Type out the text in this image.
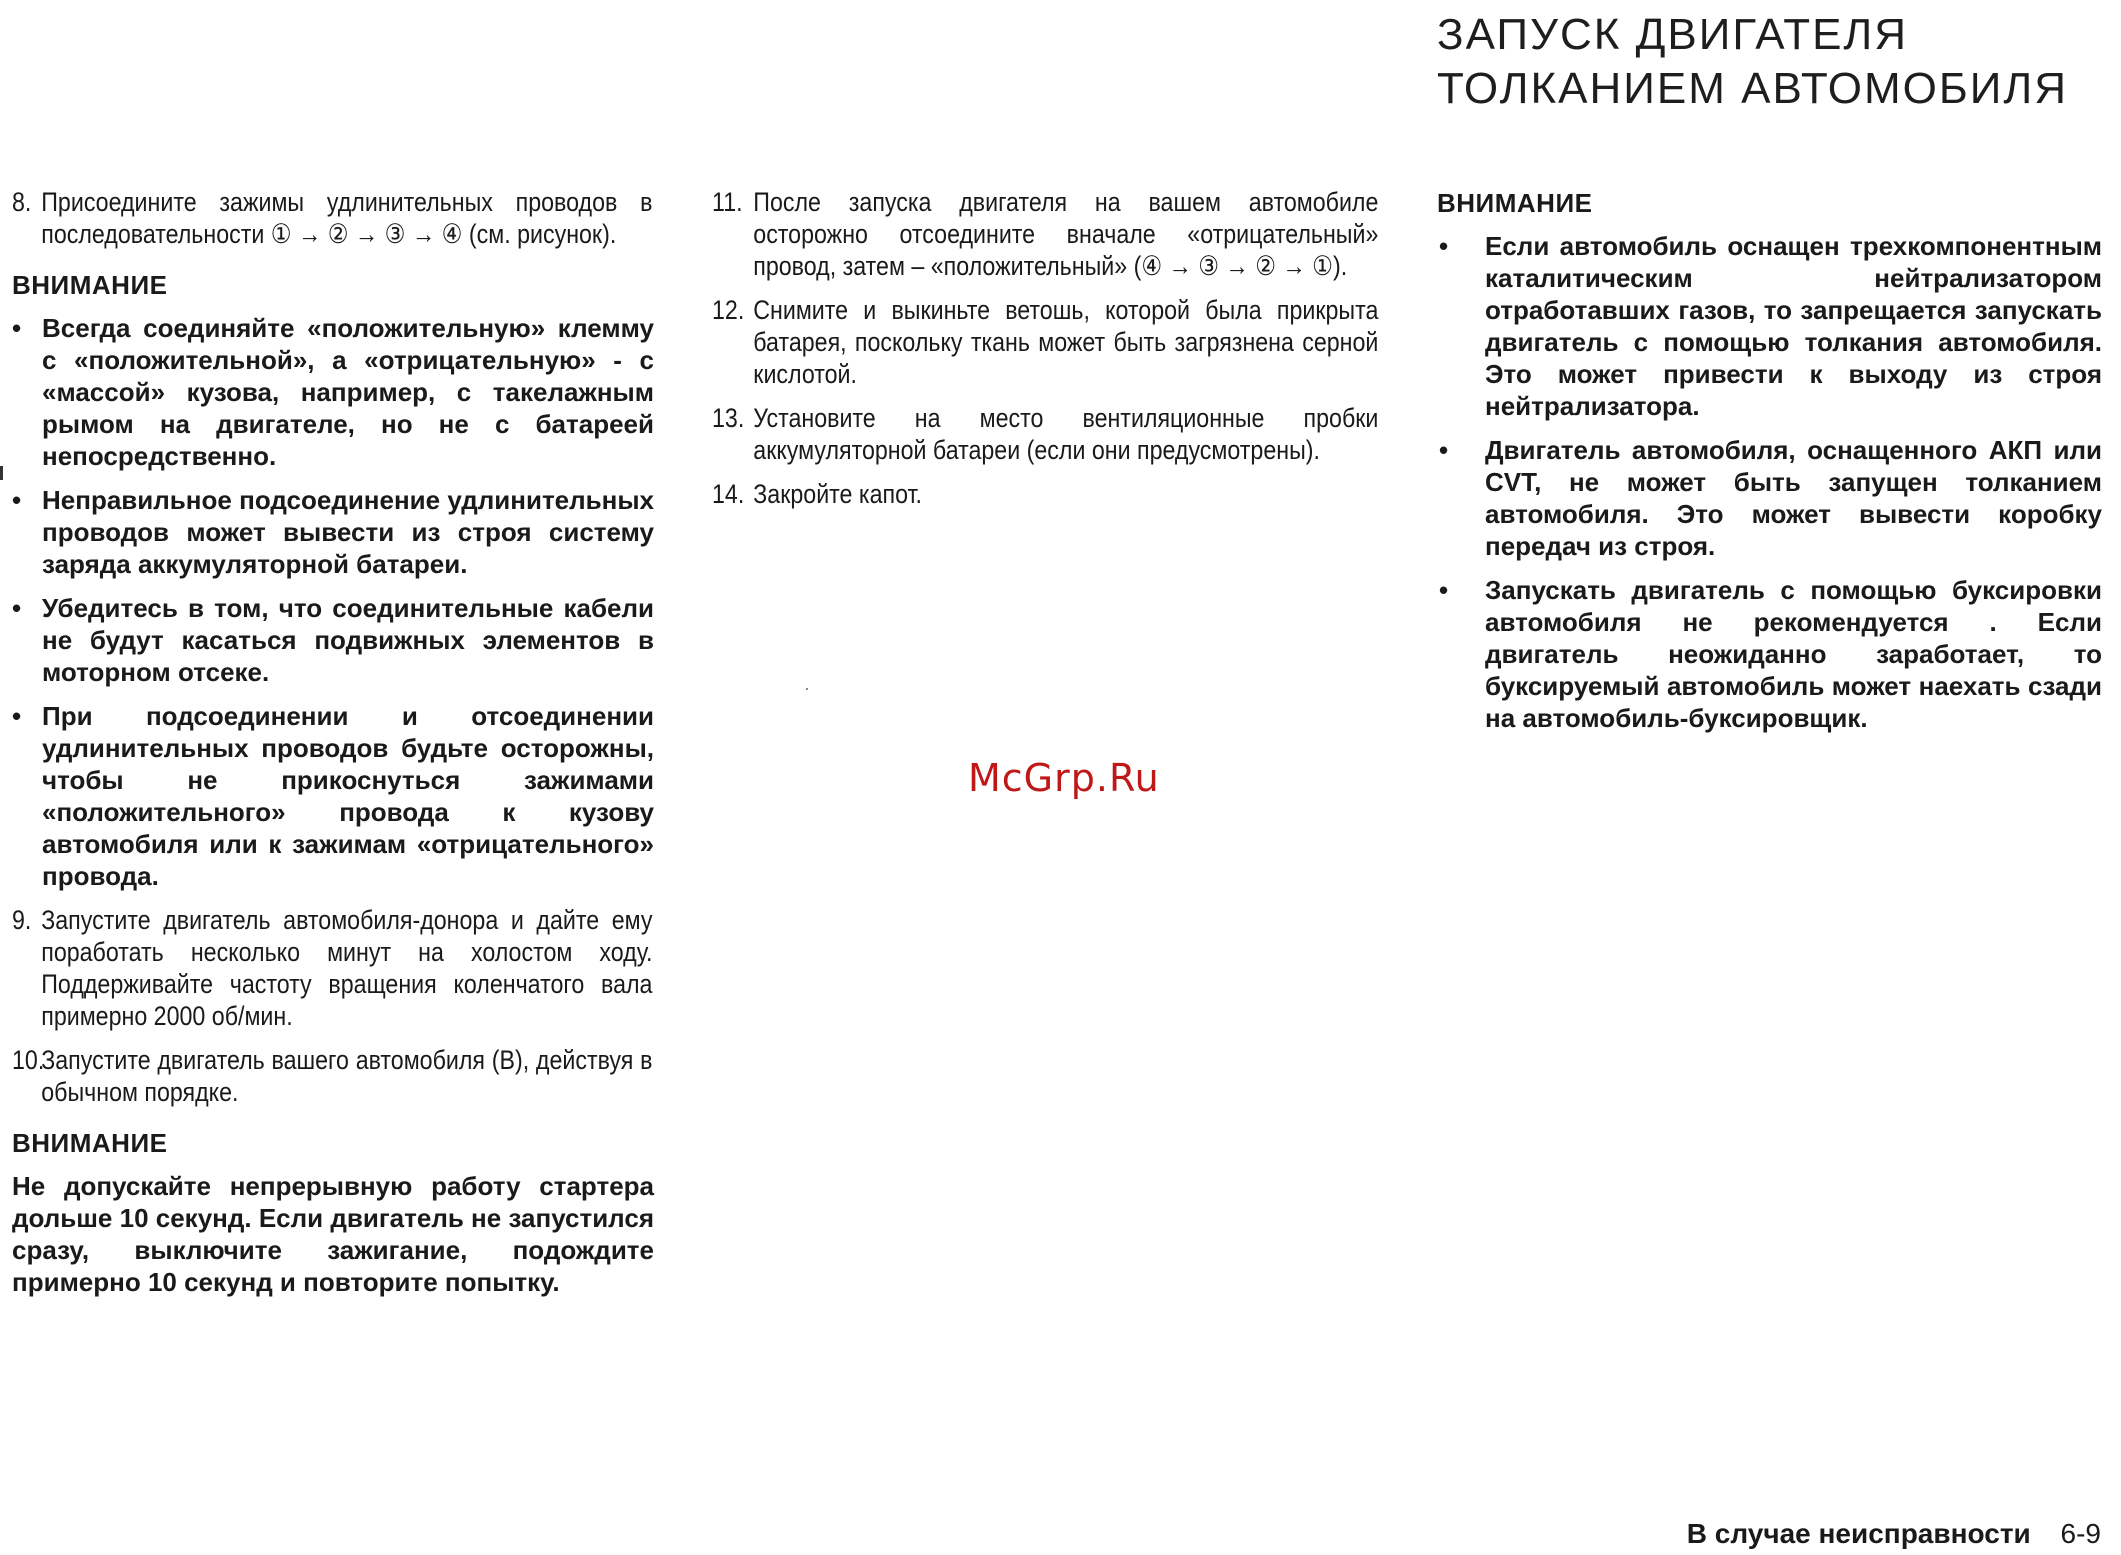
ЗАПУСК ДВИГАТЕЛЯ
ТОЛКАНИЕМ АВТОМОБИЛЯ
8. Присоедините зажимы удлинительных проводов в последовательности ① → ② → ③ → ④ (см. рисунок).
ВНИМАНИЕ
• Всегда соединяйте «положительную» клемму с «положительной», а «отрицательную» - с «массой» кузова, например, с такелажным рымом на двигателе, но не с батареей непосредственно.
• Неправильное подсоединение удлинительных проводов может вывести из строя систему заряда аккумуляторной батареи.
• Убедитесь в том, что соединительные кабели не будут касаться подвижных элементов в моторном отсеке.
• При подсоединении и отсоединении удлинительных проводов будьте осторожны, чтобы не прикоснуться зажимами «положительного» провода к кузову автомобиля или к зажимам «отрицательного» провода.
9. Запустите двигатель автомобиля-донора и дайте ему поработать несколько минут на холостом ходу. Поддерживайте частоту вращения коленчатого вала примерно 2000 об/мин.
10.
Запустите двигатель вашего автомобиля (В), действуя в обычном порядке.
ВНИМАНИЕ
Не допускайте непрерывную работу стартера дольше 10 секунд. Если двигатель не запустился сразу, выключите зажигание, подождите примерно 10 секунд и повторите попытку.
11. После запуска двигателя на вашем автомобиле осторожно отсоедините вначале «отрицательный» провод, затем – «положительный» (④ → ③ → ② → ①).
12. Снимите и выкиньте ветошь, которой была прикрыта батарея, поскольку ткань может быть загрязнена серной кислотой.
13. Установите на место вентиляционные пробки аккумуляторной батареи (если они предусмотрены).
14. Закройте капот.
ВНИМАНИЕ
•	Если автомобиль оснащен трехкомпонентным каталитическим нейтрализатором отработавших газов, то запрещается запускать двигатель с помощью толкания автомобиля. Это может привести к выходу из строя нейтрализатора.
•	Двигатель автомобиля, оснащенного АКП или CVT, не может быть запущен толканием автомобиля. Это может вывести коробку передач из строя.
•	Запускать двигатель с помощью буксировки автомобиля не рекомендуется . Если двигатель неожиданно заработает, то буксируемый автомобиль может наехать сзади на автомобиль-буксировщик.
McGrp.Ru
В случае неисправности 6-9
